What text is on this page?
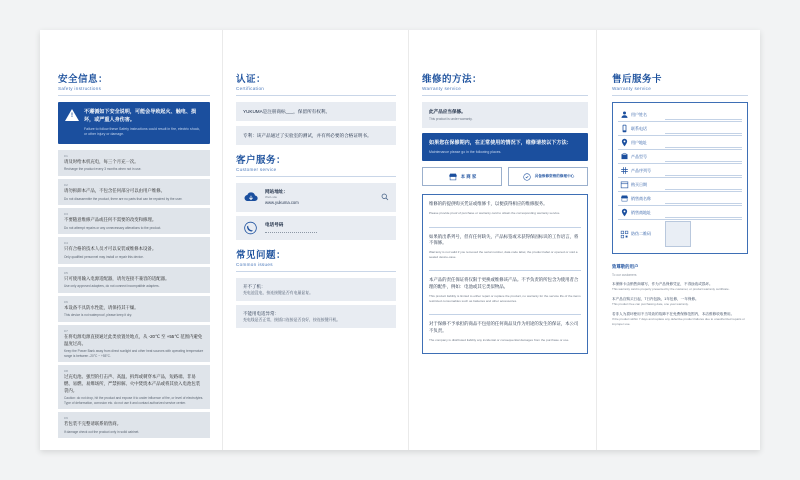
安全信息：
Safety instructions
!
不遵循如下安全说明，可能会导致起火、触电、损坏，或严重人身伤害。
Failure to follow these Safety instructions could result in fire, electric shock, or other injury or damage.
01
请及时给本机充电，每三个月充一次。
Recharge the product every 3 months when not in use.
02
请勿拆卸本产品，不包含任何部分可以由用户维修。
Do not disassemble the product, there are no parts that can be repaired by the user.
03
不要随意维修产品或任何不需要的改变和修理。
Do not attempt repairs or any unnecessary alterations to the product.
04
只有合格的技术人员才可以安装或维修本设备。
Only qualified personnel may install or repair this device.
05
只可使用输入电源适配器，请勿连接不兼容的适配器。
Use only approved adapters, do not connect incompatible adapters.
06
本设备不具防水性能，请保持其干燥。
This device is not waterproof, please keep it dry.
07
在将电源电源直接通过此类放置处地点，从 -20℃ 至 +55℃ 范围内避免温度过高。
Keep the Power Bank away from direct sunlight and other heat sources with operating temperature range is between -20°C ~ +55°C.
08
过充电池、强烈的打击声、高温、拆焊或刺穿本产品，短路端、非易燃、易燃、易爆场所，严禁拆解、火中焚烧本产品或将其放入电池包装袋内。
Caution: do not drop, hit the product and expose it to under influence of fire, or level of electrolytes. Type of deformation, corrosion etc. do not use it and contact authorized service center.
09
若包装不完整请联系销售商。
If damage check out the product only in solid cabinet.
认证：
Certification
YUKUMA是注册商标___，保留所有权利。
专利：该产品通过了实验室的测试，并有所必要的合格证明书。
客户服务：
Customer service
网站地址：
Web-site
www.yukuma.com
电话号码
常见问题：
Common issues
开不了机：
充电池没电，按连接键是否有电量显复。
不能用电适异常：
充电线是否正常，接插口连接是否良好，按连接键开机。
维修的方法：
Warranty service
此产品应当保修。
This product is under warranty.
如果您在保修期内，在正常使用的情况下，维修请按以下方法：
Maintenance please go in the following places.
本 商 家	具备维修资格的修理中心
维修的的提供购买凭证或维修卡，以便获得相应的维修服务。
Please provide proof of purchase or warranty card to obtain the corresponding warranty service.
如果销出系列号，但有任何缺失，产品标签或未获得保固标识的工作语言，将不保修。
Warranty is not valid if you removed the serial number, data code label, the product label or opened or void a sealed device-case.
本产品的责任保证将仅限于更换或维修该产品。不予负责的所包含为使用者合理的配件，例如：电池或其它类似物品。
This product liability is limited to either repair or replace the product, no warranty for the service life of the items restricted consumables such as batteries and other accessories.
对于保修不予承担的商品不包括的任何商品及作为用途的发生的保证，本公司不负责。
The company is distributed liability any incidental or consequential damages from the purchase or use.
售后服务卡
Warranty service
用户姓名
联系电话
用户地址
产品型号
产品序列号
购买日期
销售商名称
销售商地址
防伪二维码
致尊敬的用户
To our customers
本保修卡由销售商填写，作为产品保修凭证，不得涂改或损坏。
This warranty card is properly presented by the customer, or product warranty certificate.
本产品自购买日起，7日内包换，1年包修，一年保修。
This product free can purchasing date, one year warranty.
若非人为损坏使用不当导致的故障不在免费保修范围内，本店维修收取费用。
If the product within 7 days and replace any defective product failures due to unauthorized repairs or improper use.
